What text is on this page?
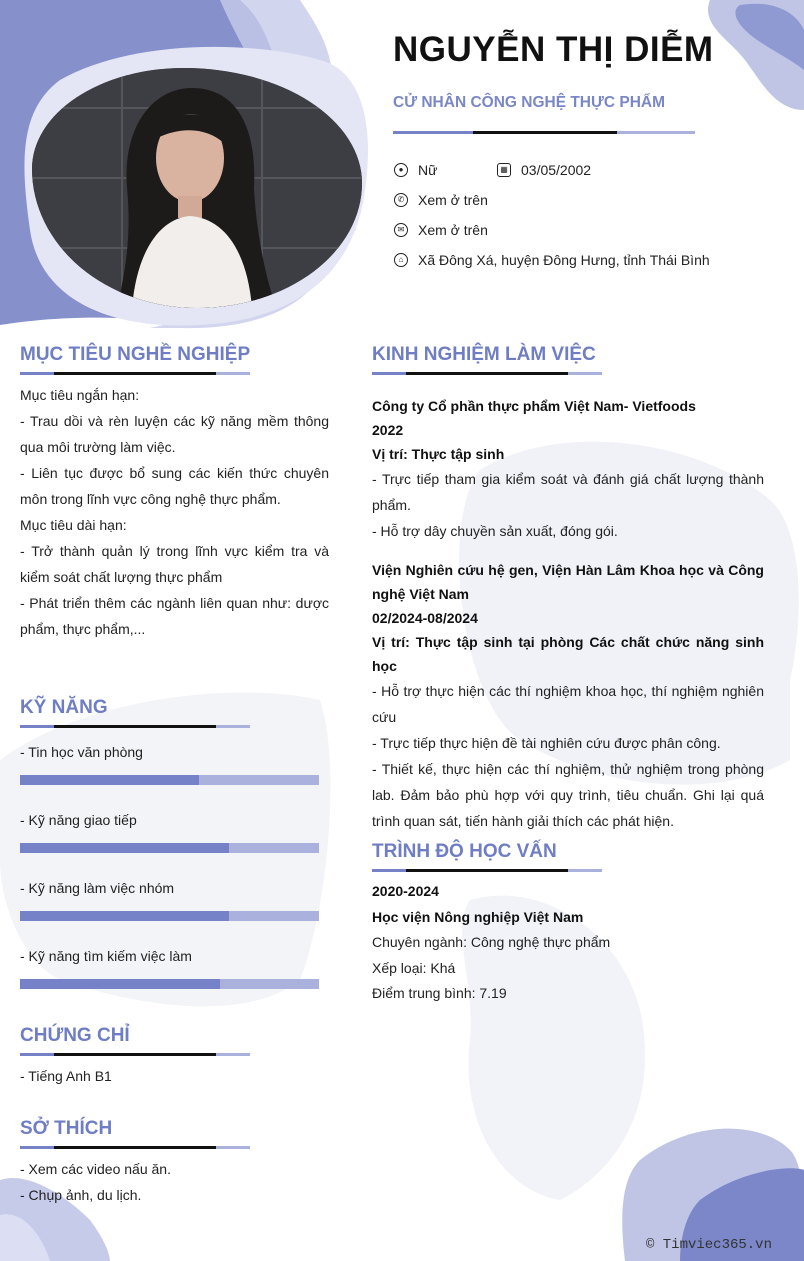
NGUYỄN THỊ DIỄM
CỬ NHÂN CÔNG NGHỆ THỰC PHẨM
●	Nữ	▦ 03/05/2002
✆ Xem ở trên
✉ Xem ở trên
⌂	Xã Đông Xá, huyện Đông Hưng, tỉnh Thái Bình
MỤC TIÊU NGHỀ NGHIỆP

Mục tiêu ngắn hạn:

- Trau dồi và rèn luyện các kỹ năng mềm thông qua môi trường làm việc.

- Liên tục được bổ sung các kiến thức chuyên môn trong lĩnh vực công nghệ thực phẩm.

Mục tiêu dài hạn:

- Trở thành quản lý trong lĩnh vực kiểm tra và kiểm soát chất lượng thực phẩm

- Phát triển thêm các ngành liên quan như: dược phẩm, thực phẩm,...

KỸ NĂNG
- Tin học văn phòng
- Kỹ năng giao tiếp
- Kỹ năng làm việc nhóm
- Kỹ năng tìm kiếm việc làm
CHỨNG CHỈ

- Tiếng Anh B1

SỞ THÍCH

- Xem các video nấu ăn.

- Chụp ảnh, du lịch.

KINH NGHIỆM LÀM VIỆC

Công ty Cổ phần thực phẩm Việt Nam- Vietfoods

2022

Vị trí: Thực tập sinh

- Trực tiếp tham gia kiểm soát và đánh giá chất lượng thành phẩm.

- Hỗ trợ dây chuyền sản xuất, đóng gói.

Viện Nghiên cứu hệ gen, Viện Hàn Lâm Khoa học và Công nghệ Việt Nam

02/2024-08/2024

Vị trí: Thực tập sinh tại phòng Các chất chức năng sinh học

- Hỗ trợ thực hiện các thí nghiệm khoa học, thí nghiệm nghiên cứu

- Trực tiếp thực hiện đề tài nghiên cứu được phân công.

- Thiết kế, thực hiện các thí nghiệm, thử nghiệm trong phòng lab. Đảm bảo phù hợp với quy trình, tiêu chuẩn. Ghi lại quá trình quan sát, tiến hành giải thích các phát hiện.

TRÌNH ĐỘ HỌC VẤN

2020-2024

Học viện Nông nghiệp Việt Nam

Chuyên ngành: Công nghệ thực phẩm

Xếp loại: Khá

Điểm trung bình: 7.19

© Timviec365.vn
